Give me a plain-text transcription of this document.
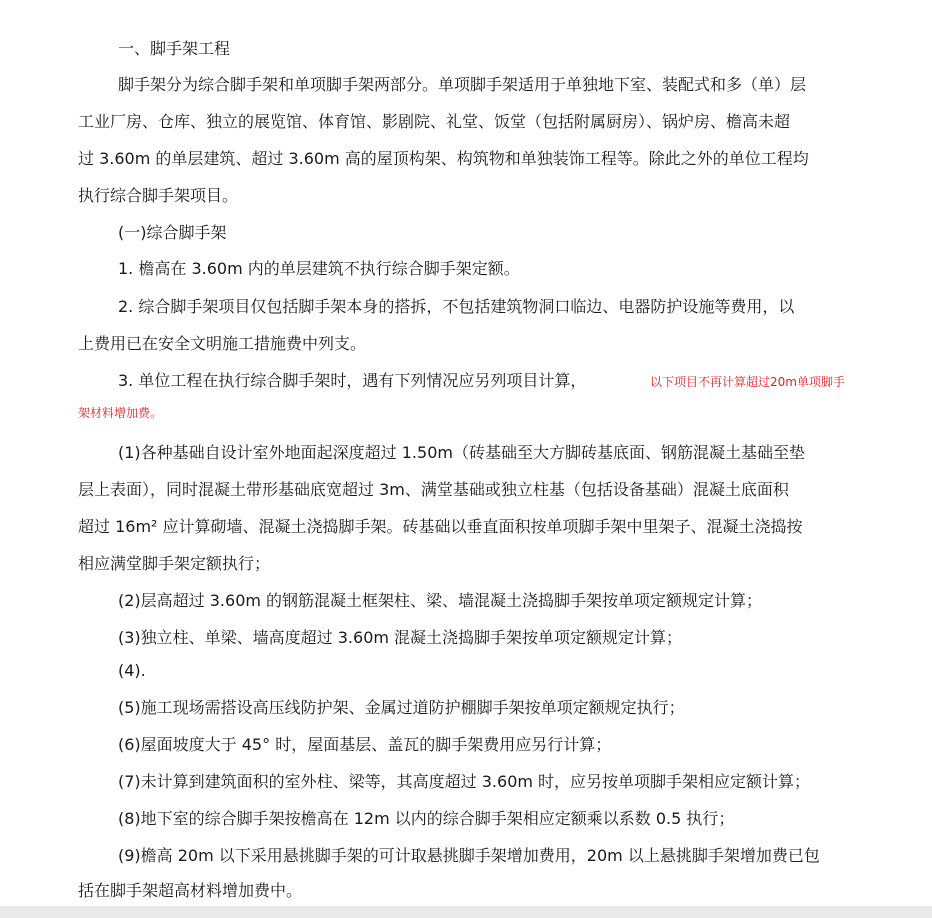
一、脚手架工程
脚手架分为综合脚手架和单项脚手架两部分。单项脚手架适用于单独地下室、装配式和多（单）层
工业厂房、仓库、独立的展览馆、体育馆、影剧院、礼堂、饭堂（包括附属厨房）、锅炉房、檐高未超
过 3.60m 的单层建筑、超过 3.60m 高的屋顶构架、构筑物和单独装饰工程等。除此之外的单位工程均
执行综合脚手架项目。
(一)综合脚手架
1. 檐高在 3.60m 内的单层建筑不执行综合脚手架定额。
2. 综合脚手架项目仅包括脚手架本身的搭拆，不包括建筑物洞口临边、电器防护设施等费用，以
上费用已在安全文明施工措施费中列支。
3. 单位工程在执行综合脚手架时，遇有下列情况应另列项目计算，	以下项目不再计算超过20m单项脚手
架材料增加费。
(1)各种基础自设计室外地面起深度超过 1.50m（砖基础至大方脚砖基底面、钢筋混凝土基础至垫
层上表面），同时混凝土带形基础底宽超过 3m、满堂基础或独立柱基（包括设备基础）混凝土底面积
超过 16m² 应计算砌墙、混凝土浇捣脚手架。砖基础以垂直面积按单项脚手架中里架子、混凝土浇捣按
相应满堂脚手架定额执行；
(2)层高超过 3.60m 的钢筋混凝土框架柱、梁、墙混凝土浇捣脚手架按单项定额规定计算；
(3)独立柱、单梁、墙高度超过 3.60m 混凝土浇捣脚手架按单项定额规定计算；
(4).
(5)施工现场需搭设高压线防护架、金属过道防护棚脚手架按单项定额规定执行；
(6)屋面坡度大于 45° 时，屋面基层、盖瓦的脚手架费用应另行计算；
(7)未计算到建筑面积的室外柱、梁等，其高度超过 3.60m 时，应另按单项脚手架相应定额计算；
(8)地下室的综合脚手架按檐高在 12m 以内的综合脚手架相应定额乘以系数 0.5 执行；
(9)檐高 20m 以下采用悬挑脚手架的可计取悬挑脚手架增加费用，20m 以上悬挑脚手架增加费已包
括在脚手架超高材料增加费中。
